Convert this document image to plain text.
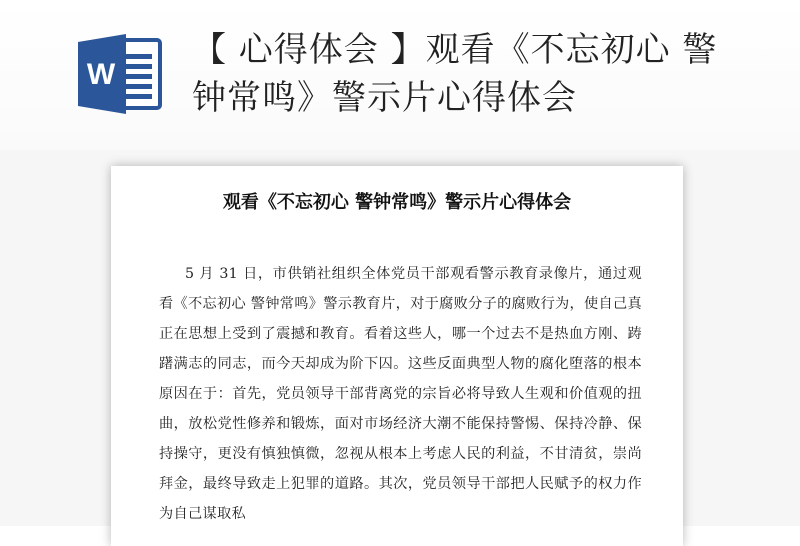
W
【 心得体会 】观看《不忘初心 警钟常鸣》警示片心得体会
观看《不忘初心 警钟常鸣》警示片心得体会
5 月 31 日，市供销社组织全体党员干部观看警示教育录像片，通过观看《不忘初心 警钟常鸣》警示教育片，对于腐败分子的腐败行为，使自己真正在思想上受到了震撼和教育。看着这些人，哪一个过去不是热血方刚、踌躇满志的同志，而今天却成为阶下囚。这些反面典型人物的腐化堕落的根本原因在于：首先，党员领导干部背离党的宗旨必将导致人生观和价值观的扭曲，放松党性修养和锻炼，面对市场经济大潮不能保持警惕、保持冷静、保持操守，更没有慎独慎微，忽视从根本上考虑人民的利益，不甘清贫，崇尚拜金，最终导致走上犯罪的道路。其次，党员领导干部把人民赋予的权力作为自己谋取私
